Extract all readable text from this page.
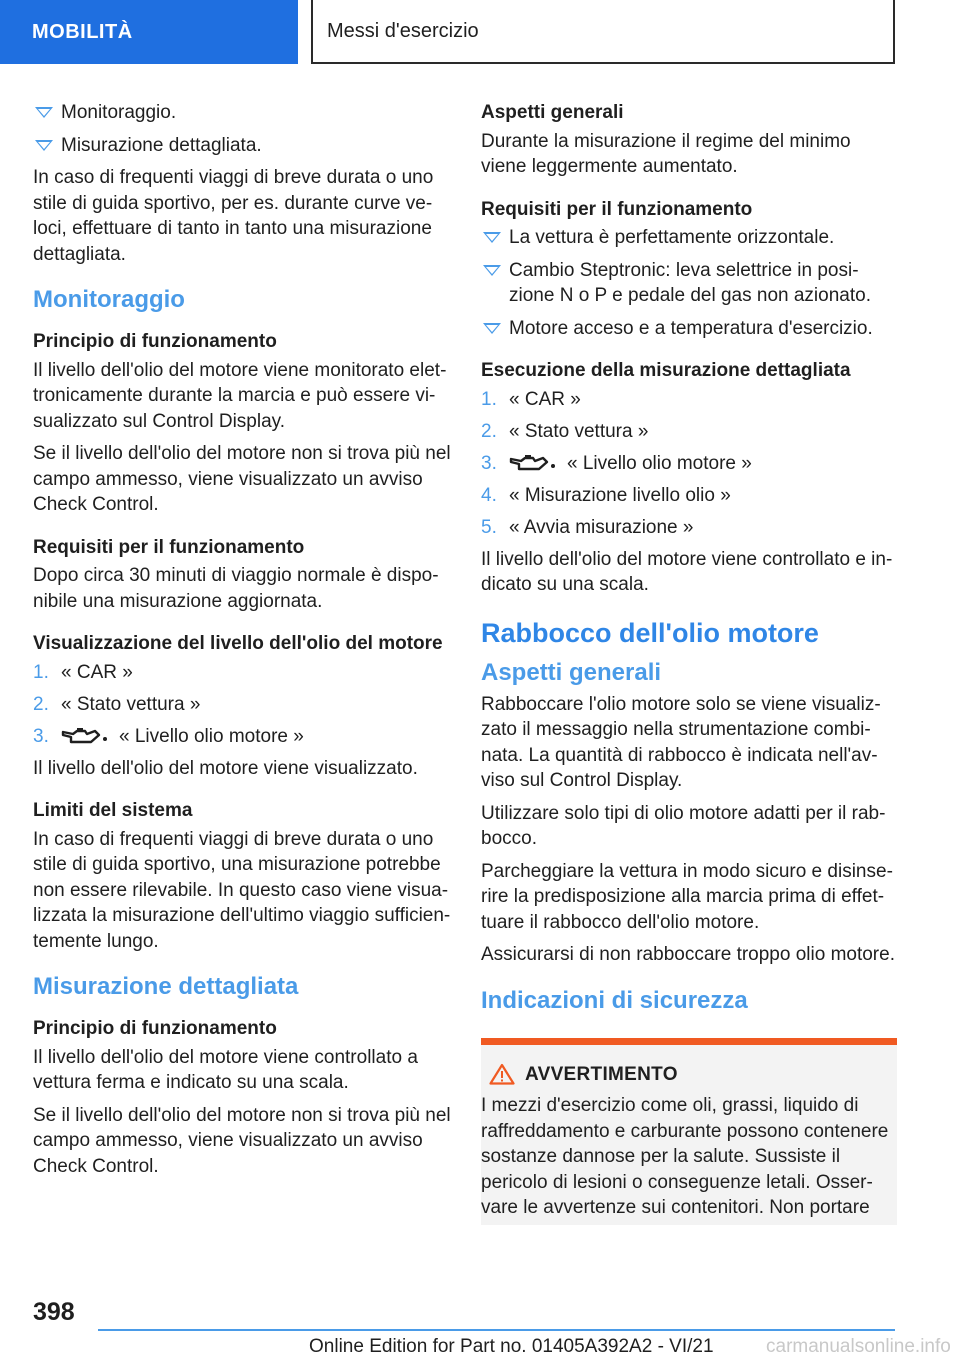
MOBILITÀ	Messi d'esercizio
Monitoraggio.
Misurazione dettagliata.

In caso di frequenti viaggi di breve durata o uno stile di guida sportivo, per es. durante curve veloci, effettuare di tanto in tanto una misurazione dettagliata.

Monitoraggio
Principio di funzionamento

Il livello dell'olio del motore viene monitorato elettronicamente durante la marcia e può essere visualizzato sul Control Display.

Se il livello dell'olio del motore non si trova più nel campo ammesso, viene visualizzato un avviso Check Control.

Requisiti per il funzionamento

Dopo circa 30 minuti di viaggio normale è disponibile una misurazione aggiornata.

Visualizzazione del livello dell'olio del motore
1. « CAR »
2. « Stato vettura »
3.	« Livello olio motore »

Il livello dell'olio del motore viene visualizzato.

Limiti del sistema

In caso di frequenti viaggi di breve durata o uno stile di guida sportivo, una misurazione potrebbe non essere rilevabile. In questo caso viene visualizzata la misurazione dell'ultimo viaggio sufficientemente lungo.

Misurazione dettagliata
Principio di funzionamento

Il livello dell'olio del motore viene controllato a vettura ferma e indicato su una scala.

Se il livello dell'olio del motore non si trova più nel campo ammesso, viene visualizzato un avviso Check Control.

Aspetti generali

Durante la misurazione il regime del minimo viene leggermente aumentato.

Requisiti per il funzionamento
La vettura è perfettamente orizzontale.
Cambio Steptronic: leva selettrice in posizione N o P e pedale del gas non azionato.
Motore acceso e a temperatura d'esercizio.
Esecuzione della misurazione dettagliata
1. « CAR »
2. « Stato vettura »
3.	« Livello olio motore »
4. « Misurazione livello olio »
5. « Avvia misurazione »

Il livello dell'olio del motore viene controllato e indicato su una scala.

Rabbocco dell'olio motore
Aspetti generali

Rabboccare l'olio motore solo se viene visualizzato il messaggio nella strumentazione combinata. La quantità di rabbocco è indicata nell'avviso sul Control Display.

Utilizzare solo tipi di olio motore adatti per il rabbocco.

Parcheggiare la vettura in modo sicuro e disinserire la predisposizione alla marcia prima di effettuare il rabbocco dell'olio motore.

Assicurarsi di non rabboccare troppo olio motore.

Indicazioni di sicurezza
AVVERTIMENTO
I mezzi d'esercizio come oli, grassi, liquido di raffreddamento e carburante possono contenere sostanze dannose per la salute. Sussiste il pericolo di lesioni o conseguenze letali. Osservare le avvertenze sui contenitori. Non portare
398
Online Edition for Part no. 01405A392A2 - VI/21	carmanualsonline.info
